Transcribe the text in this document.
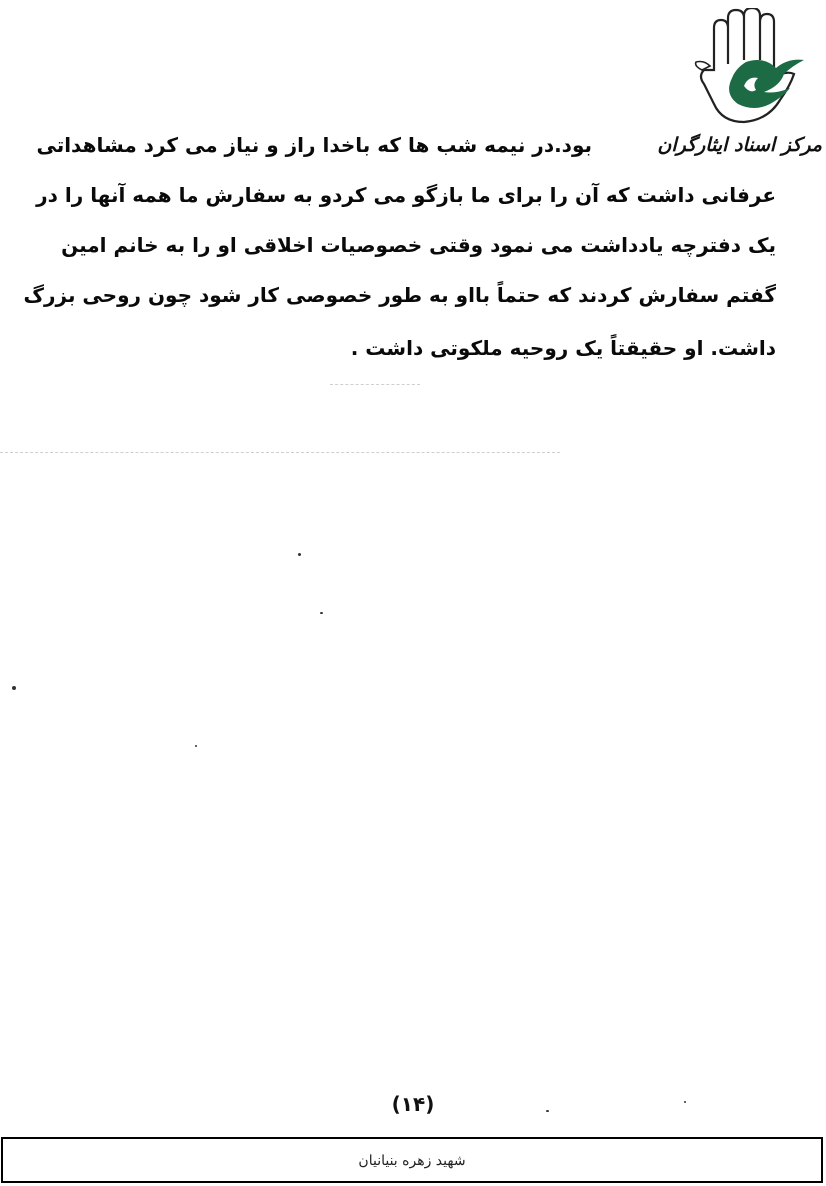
مرکز اسناد ایثارگران
بود.در نیمه شب ها که باخدا راز و نیاز می کرد مشاهداتی
عرفانی داشت که آن را برای ما بازگو می کردو به سفارش ما همه آنها را در
یک دفترچه یادداشت می نمود وقتی خصوصیات اخلاقی او را به خانم امین
گفتم سفارش کردند که حتماً بااو به طور خصوصی کار شود چون روحی بزرگ
داشت. او حقیقتاً یک روحیه ملکوتی داشت .
(۱۴)
شهید زهره بنیانیان
